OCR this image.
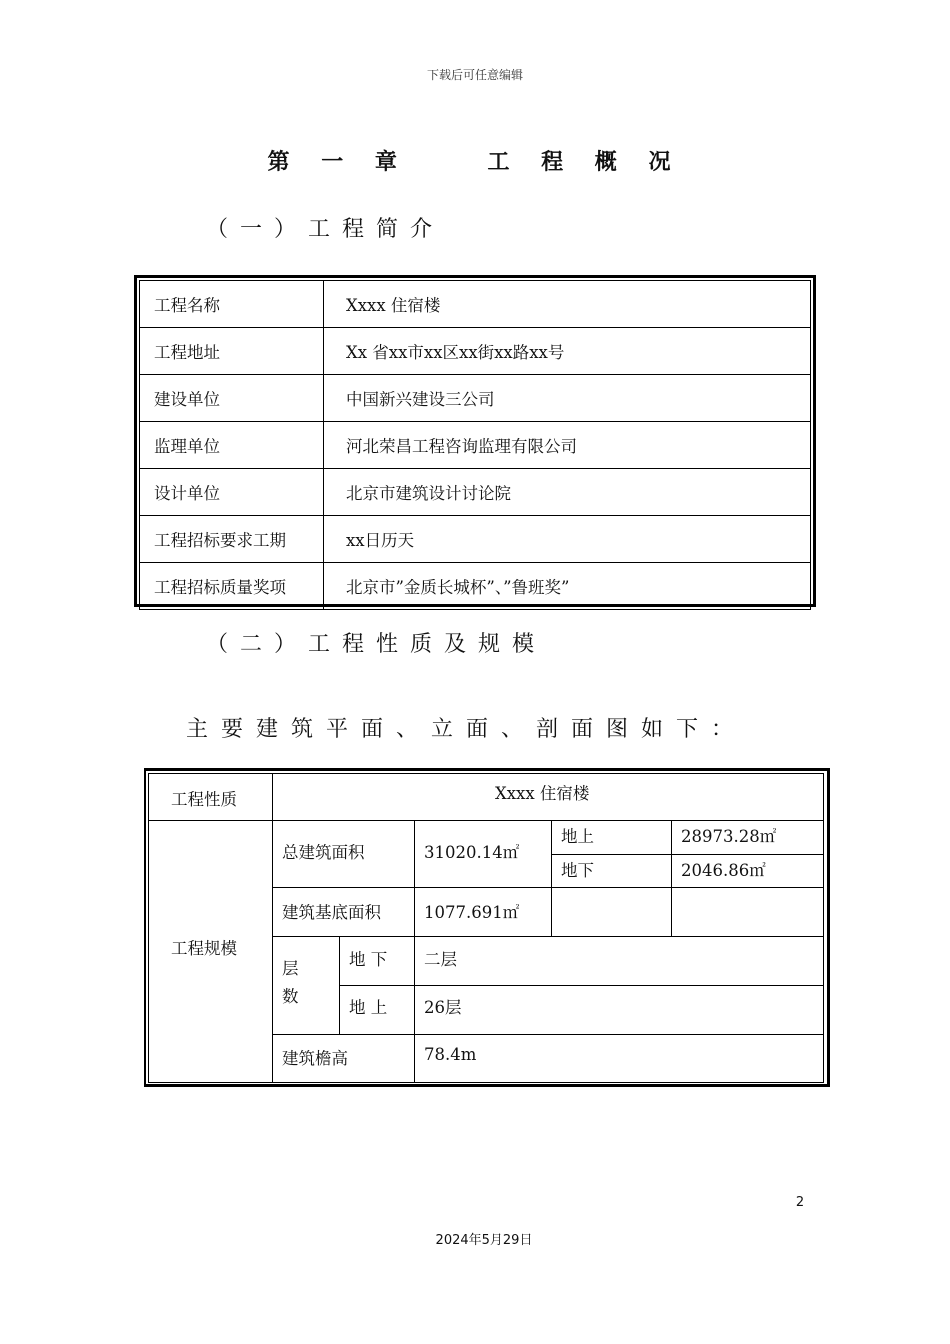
下载后可任意编辑
第 一 章    工 程 概 况
（一）工程简介
工程名称	Xxxx 住宿楼
工程地址	Xx 省xx市xx区xx街xx路xx号
建设单位	中国新兴建设三公司
监理单位	河北荣昌工程咨询监理有限公司
设计单位	北京市建筑设计讨论院
工程招标要求工期	xx日历天
工程招标质量奖项	北京市”金质长城杯”、”鲁班奖”
（二）工程性质及规模
主要建筑平面、立面、剖面图如下：
工程性质	Xxxx 住宿楼
工程规模
总建筑面积	31020.14㎡
地上	28973.28㎡
地下	2046.86㎡
建筑基底面积	1077.691㎡
层
数
地 下 二层
地 上 26层
建筑檐高	78.4m
2
2024年5月29日
